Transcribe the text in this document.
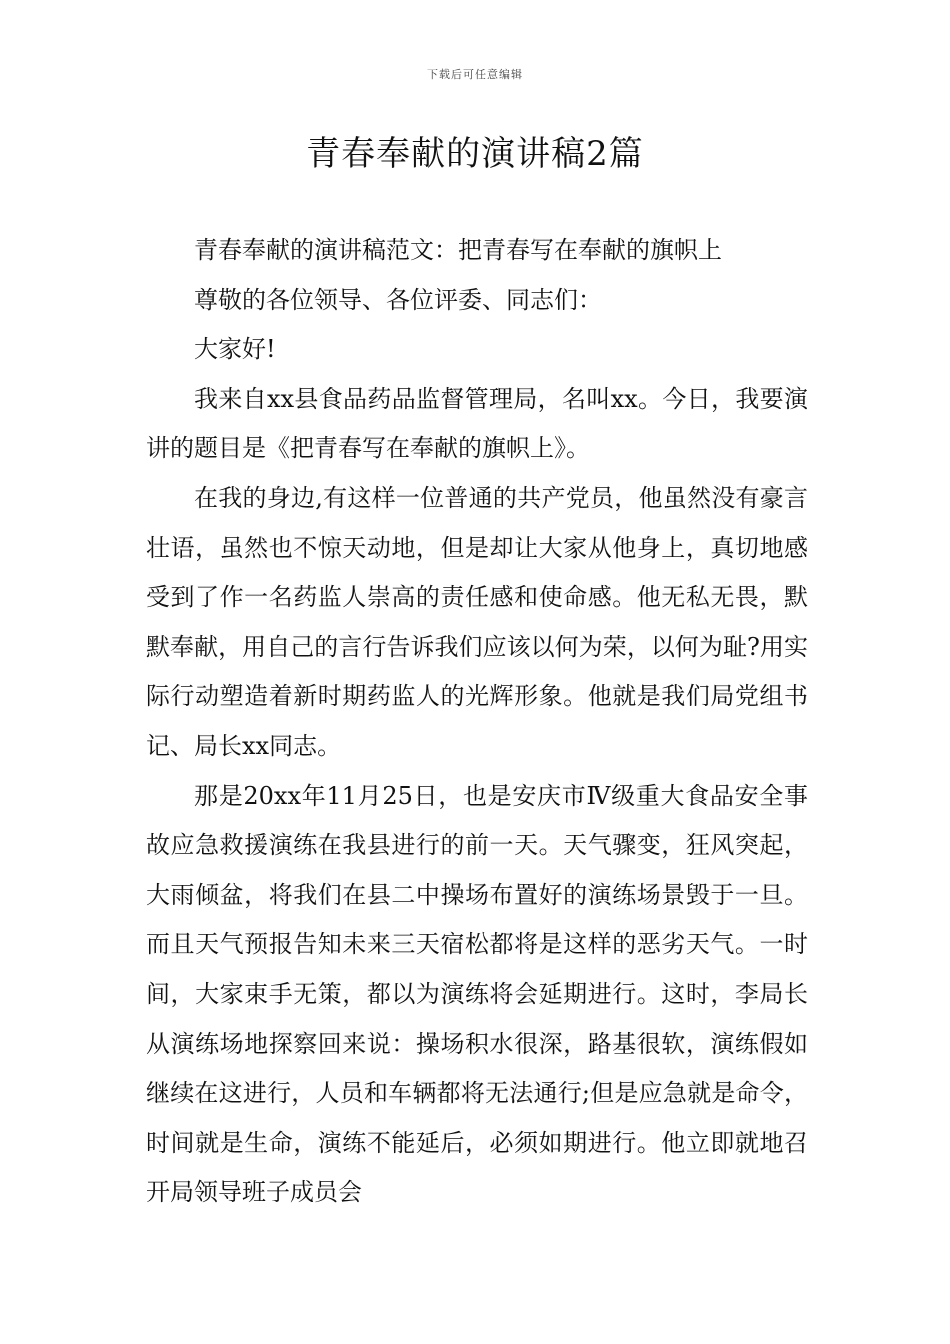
下载后可任意编辑
青春奉献的演讲稿2篇

青春奉献的演讲稿范文：把青春写在奉献的旗帜上

尊敬的各位领导、各位评委、同志们：

大家好!

我来自xx县食品药品监督管理局，名叫xx。今日，我要演讲的题目是《把青春写在奉献的旗帜上》。

在我的身边,有这样一位普通的共产党员，他虽然没有豪言壮语，虽然也不惊天动地，但是却让大家从他身上，真切地感受到了作一名药监人崇高的责任感和使命感。他无私无畏，默默奉献，用自己的言行告诉我们应该以何为荣，以何为耻?用实际行动塑造着新时期药监人的光辉形象。他就是我们局党组书记、局长xx同志。

那是20xx年11月25日，也是安庆市Ⅳ级重大食品安全事故应急救援演练在我县进行的前一天。天气骤变，狂风突起，大雨倾盆，将我们在县二中操场布置好的演练场景毁于一旦。而且天气预报告知未来三天宿松都将是这样的恶劣天气。一时间，大家束手无策，都以为演练将会延期进行。这时，李局长从演练场地探察回来说：操场积水很深，路基很软，演练假如继续在这进行，人员和车辆都将无法通行;但是应急就是命令，时间就是生命，演练不能延后，必须如期进行。他立即就地召开局领导班子成员会
